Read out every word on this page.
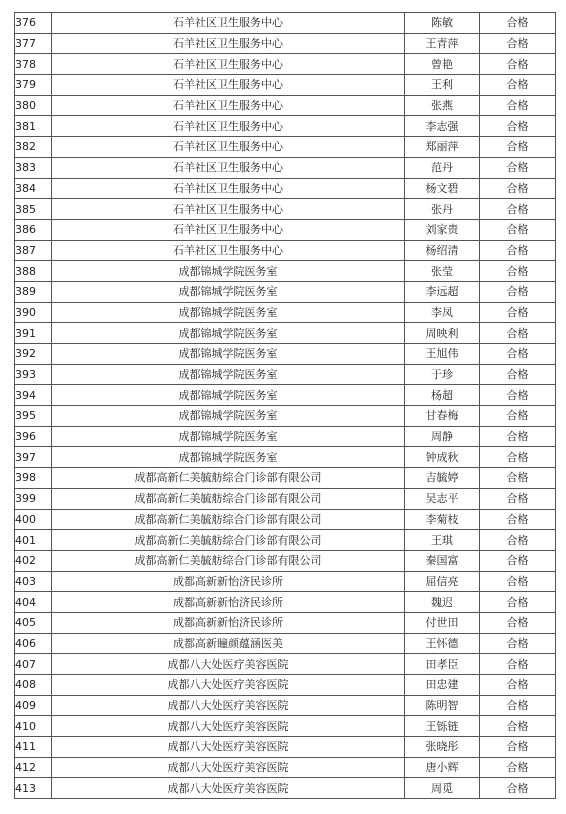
376	石羊社区卫生服务中心	陈敏	合格
377	石羊社区卫生服务中心	王青萍	合格
378	石羊社区卫生服务中心	曾艳	合格
379	石羊社区卫生服务中心	王利	合格
380	石羊社区卫生服务中心	张燕	合格
381	石羊社区卫生服务中心	李志强	合格
382	石羊社区卫生服务中心	郑丽萍	合格
383	石羊社区卫生服务中心	范丹	合格
384	石羊社区卫生服务中心	杨文碧	合格
385	石羊社区卫生服务中心	张丹	合格
386	石羊社区卫生服务中心	刘家贵	合格
387	石羊社区卫生服务中心	杨绍清	合格
388	成都锦城学院医务室	张莹	合格
389	成都锦城学院医务室	李远超	合格
390	成都锦城学院医务室	李凤	合格
391	成都锦城学院医务室	周映利	合格
392	成都锦城学院医务室	王旭伟	合格
393	成都锦城学院医务室	于珍	合格
394	成都锦城学院医务室	杨超	合格
395	成都锦城学院医务室	甘春梅	合格
396	成都锦城学院医务室	周静	合格
397	成都锦城学院医务室	钟成秋	合格
398	成都高新仁美毓舫综合门诊部有限公司	吉毓婷	合格
399	成都高新仁美毓舫综合门诊部有限公司	吴志平	合格
400	成都高新仁美毓舫综合门诊部有限公司	李菊枝	合格
401	成都高新仁美毓舫综合门诊部有限公司	王琪	合格
402	成都高新仁美毓舫综合门诊部有限公司	秦国富	合格
403	成都高新新怡济民诊所	屈信亮	合格
404	成都高新新怡济民诊所	魏迟	合格
405	成都高新新怡济民诊所	付世田	合格
406	成都高新瞳颜蕴涵医美	王怀德	合格
407	成都八大处医疗美容医院	田孝臣	合格
408	成都八大处医疗美容医院	田忠建	合格
409	成都八大处医疗美容医院	陈明智	合格
410	成都八大处医疗美容医院	王铄链	合格
411	成都八大处医疗美容医院	张晓彤	合格
412	成都八大处医疗美容医院	唐小辉	合格
413	成都八大处医疗美容医院	周觅	合格
